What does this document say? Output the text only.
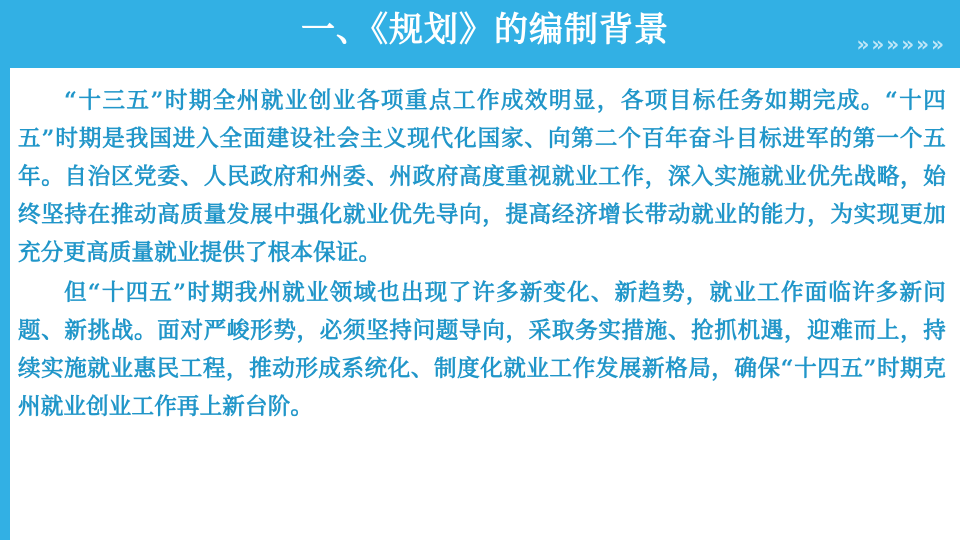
一、《规划》的编制背景	»»»»»»

“十三五”时期全州就业创业各项重点工作成效明显，各项目标任务如期完成。“十四五”时期是我国进入全面建设社会主义现代化国家、向第二个百年奋斗目标进军的第一个五年。自治区党委、人民政府和州委、州政府高度重视就业工作，深入实施就业优先战略，始终坚持在推动高质量发展中强化就业优先导向，提高经济增长带动就业的能力，为实现更加充分更高质量就业提供了根本保证。

但“十四五”时期我州就业领域也出现了许多新变化、新趋势，就业工作面临许多新问题、新挑战。面对严峻形势，必须坚持问题导向，采取务实措施、抢抓机遇，迎难而上，持续实施就业惠民工程，推动形成系统化、制度化就业工作发展新格局，确保“十四五”时期克州就业创业工作再上新台阶。
